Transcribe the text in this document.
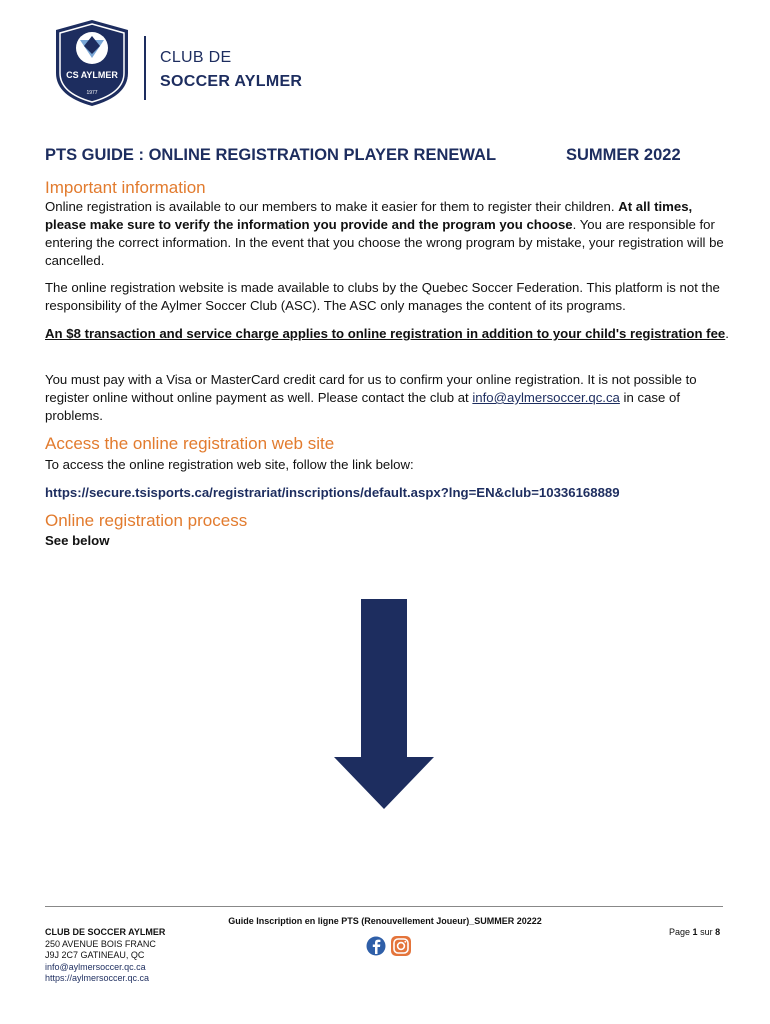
CS AYLMER
1977
CLUB DE
SOCCER AYLMER
PTS GUIDE : ONLINE REGISTRATION PLAYER RENEWAL	SUMMER 2022
Important information
Online registration is available to our members to make it easier for them to register their children. At all times, please make sure to verify the information you provide and the program you choose. You are responsible for entering the correct information. In the event that you choose the wrong program by mistake, your registration will be cancelled.
The online registration website is made available to clubs by the Quebec Soccer Federation. This platform is not the responsibility of the Aylmer Soccer Club (ASC). The ASC only manages the content of its programs.
An $8 transaction and service charge applies to online registration in addition to your child's registration fee.
You must pay with a Visa or MasterCard credit card for us to confirm your online registration. It is not possible to register online without online payment as well. Please contact the club at info@aylmersoccer.qc.ca in case of problems.
Access the online registration web site
To access the online registration web site, follow the link below:
https://secure.tsisports.ca/registrariat/inscriptions/default.aspx?lng=EN&club=10336168889
Online registration process
See below
Guide Inscription en ligne PTS (Renouvellement Joueur)_SUMMER 20222
CLUB DE SOCCER AYLMER
250 AVENUE BOIS FRANC
J9J 2C7 GATINEAU, QC
info@aylmersoccer.qc.ca
https://aylmersoccer.qc.ca
Page 1 sur 8
